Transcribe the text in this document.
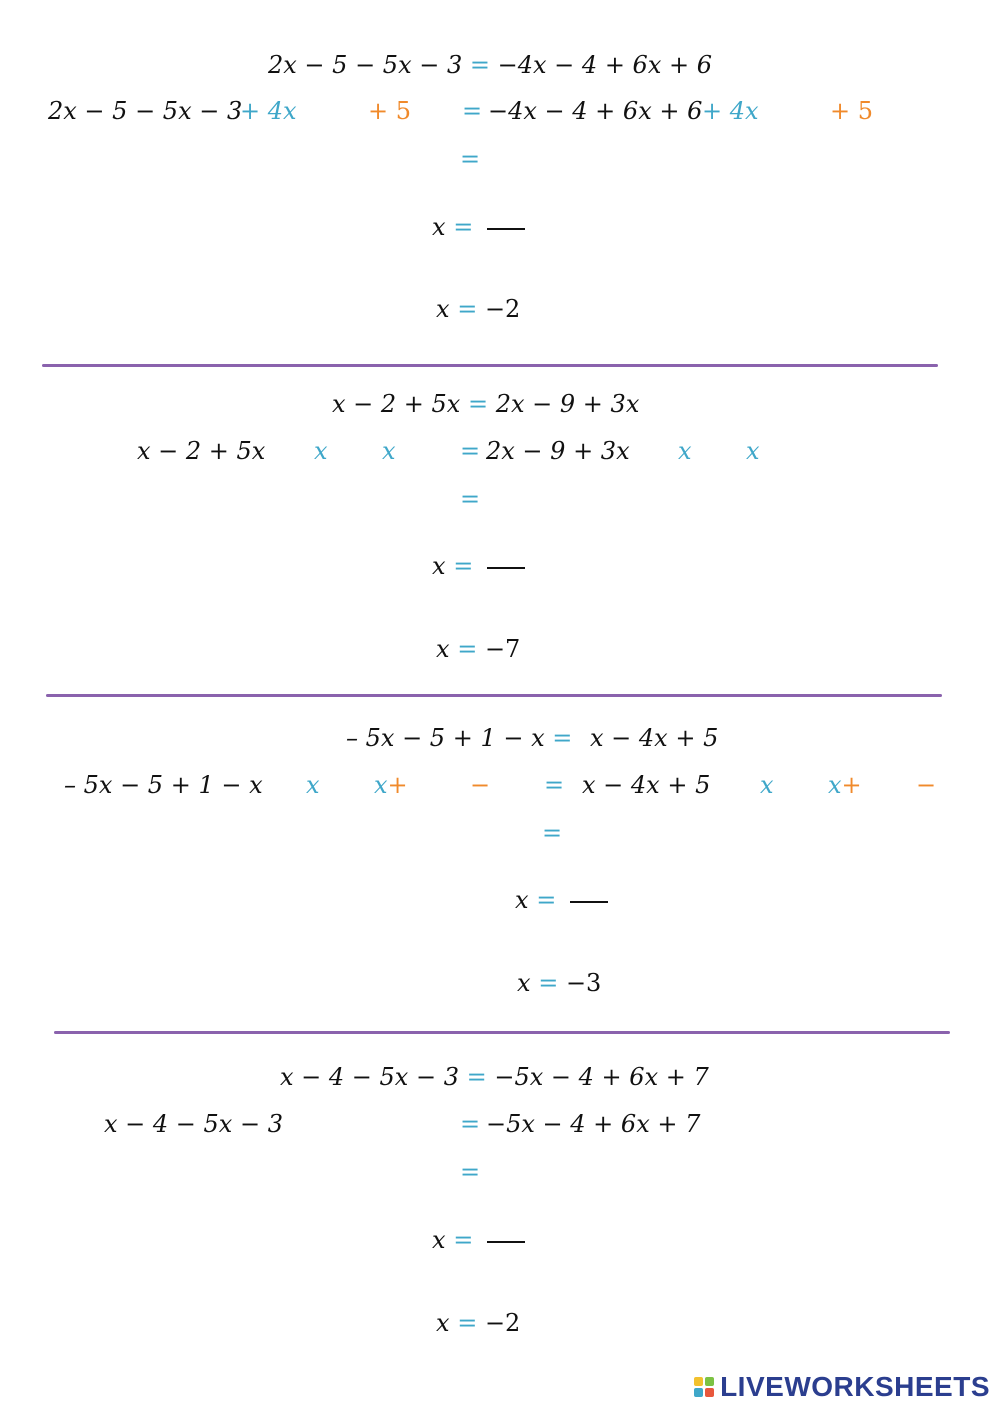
2x − 5 − 5x − 3 = −4x − 4 + 6x + 6
2x − 5 − 5x − 3
+ 4x	+ 5 = −4x − 4 + 6x + 6 + 4x	+ 5
=
x =
x = −2
x − 2 + 5x = 2x − 9 + 3x
x − 2 + 5x x x	= 2x − 9 + 3x x x
=
x =
x = −7
– 5x − 5 + 1 − x = x − 4x + 5
– 5x − 5 + 1 − x x x+	− = x − 4x + 5 x x+ −
=
x =
x = −3
x − 4 − 5x − 3 = −5x − 4 + 6x + 7
x − 4 − 5x − 3	= −5x − 4 + 6x + 7
=
x =
x = −2
LIVEWORKSHEETS
